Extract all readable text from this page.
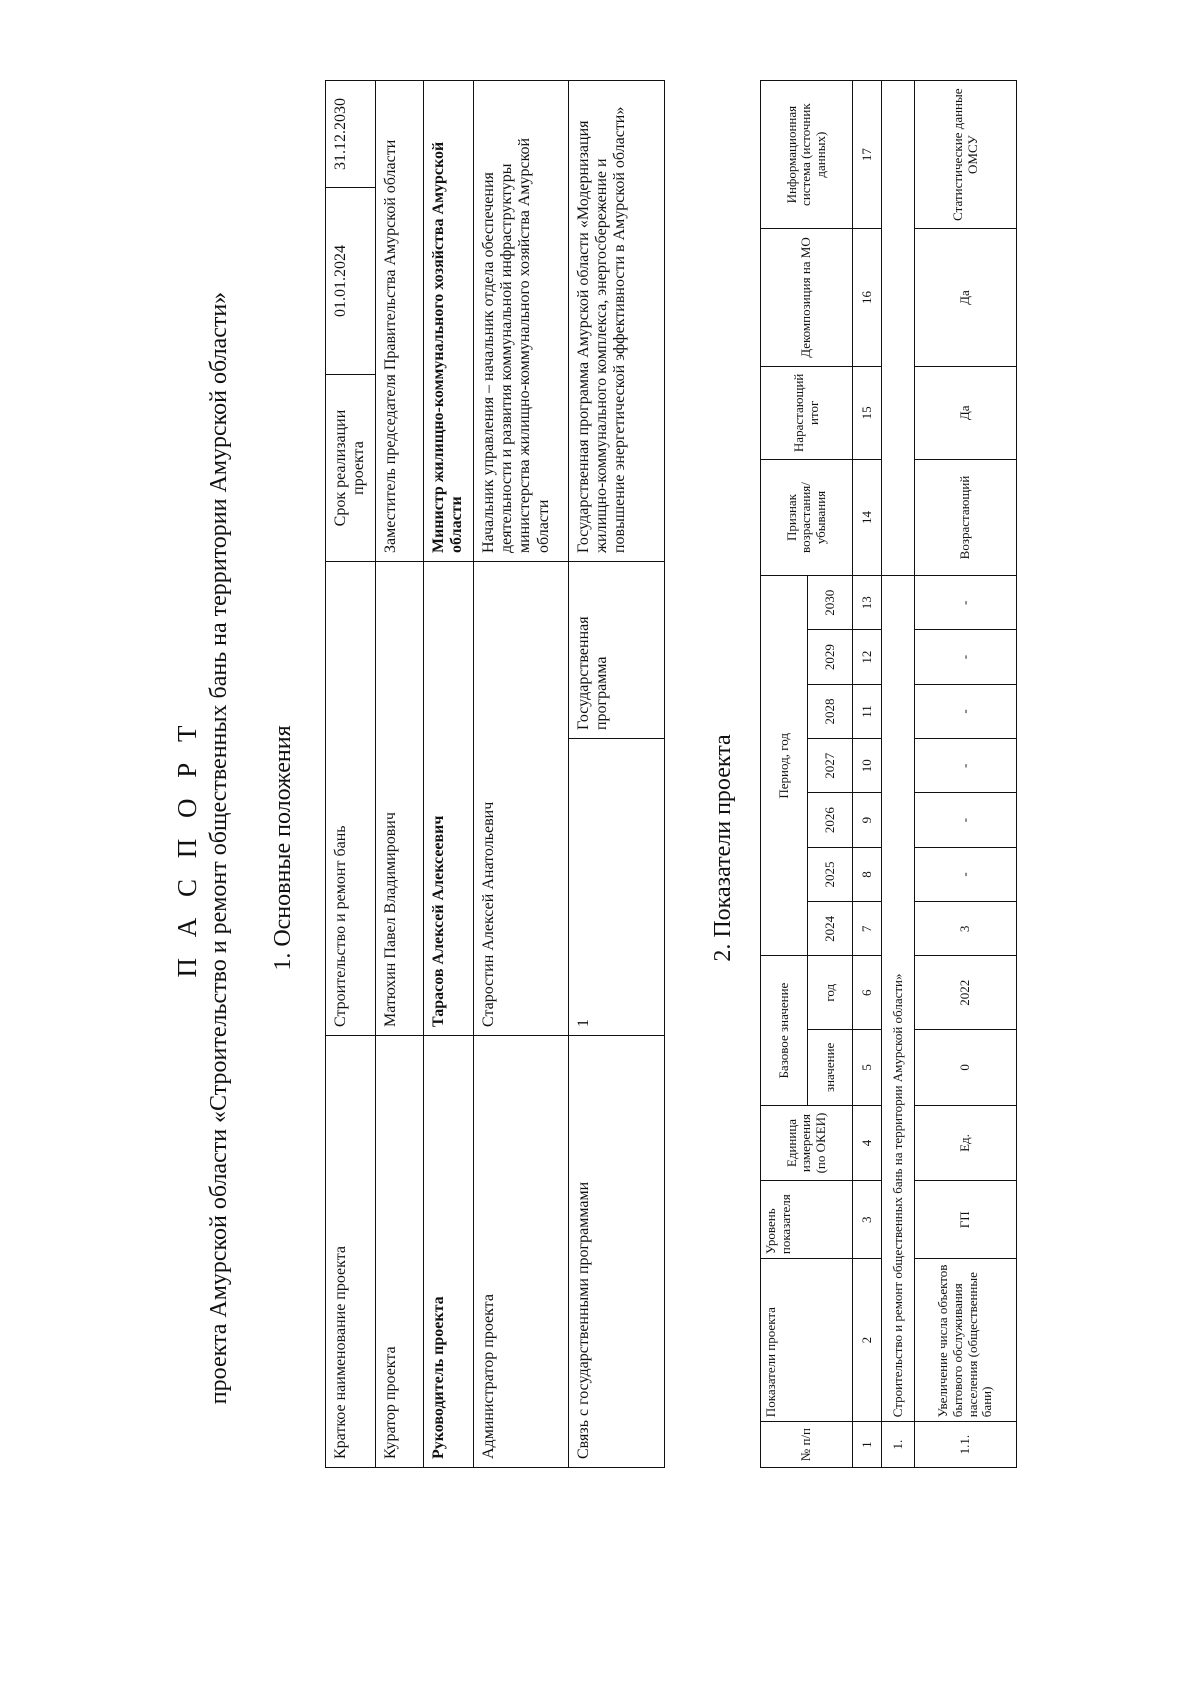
П А С П О Р Т проекта Амурской области «Строительство и ремонт общественных бань на территории Амурской области» 1. Основные положения
Краткое наименование проекта	Строительство и ремонт бань		Срок реализации проекта	01.01.2024	31.12.2030
Куратор проекта	Матюхин Павел Владимирович		Заместитель председателя Правительства Амурской области		
Руководитель проекта	Тарасов Алексей Алексеевич		Министр жилищно-коммунального хозяйства Амурской области		
Администратор проекта	Старостин Алексей Анатольевич		Начальник управления – начальник отдела обеспечения деятельности и развития коммунальной инфраструктуры министерства жилищно-коммунального хозяйства Амурской области		
Связь с государственными программами	1	Государственная программа	Государственная программа Амурской области «Модернизация жилищно-коммунального комплекса, энергосбережение и повышение энергетической эффективности в Амурской области»		
2. Показатели проекта
№ п/п	Показатели проекта	Уровень показателя	Единица измерения (по ОКЕИ)	Базовое значение		Период, год							Признак возрастания/убывания	Нарастающий итог	Декомпозиция на МО	Информационная система (источник данных)
				значение	год	2024	2025	2026	2027	2028	2029	2030				
1	2	3	4	5	6	7	8	9	10	11	12	13	14	15	16	17
1.	Строительство и ремонт общественных бань на территории Амурской области»															
1.1.	Увеличение числа объектов бытового обслуживания населения (общественные бани)	ГП	Ед.	0	2022	3	-	-	-	-	-	-	Возрастающий	Да	Да	Статистические данные ОМСУ
